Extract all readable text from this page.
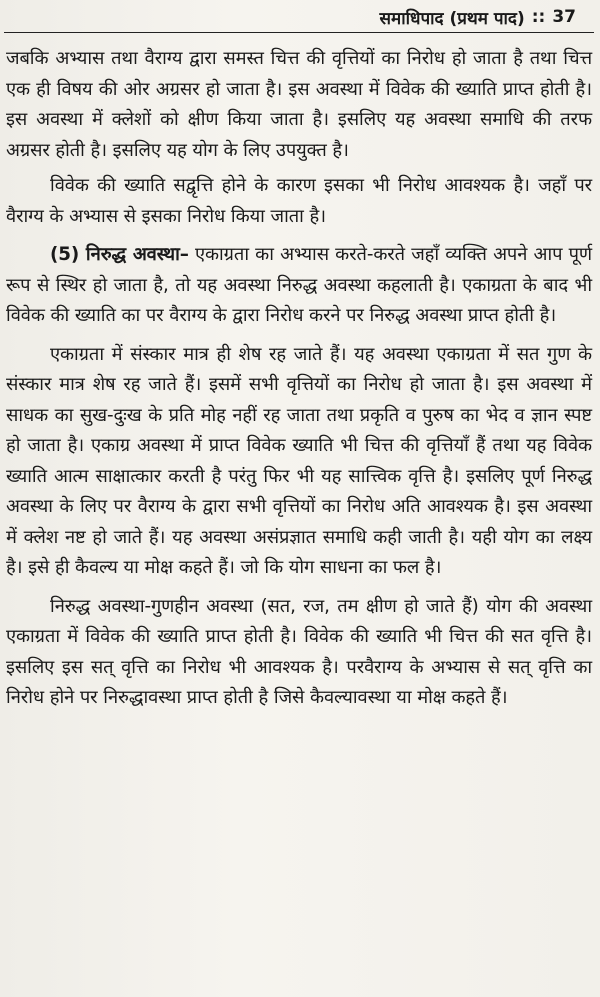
समाधिपाद (प्रथम पाद) :: 37

जबकि अभ्यास तथा वैराग्य द्वारा समस्त चित्त की वृत्तियों का निरोध हो जाता है तथा चित्त एक ही विषय की ओर अग्रसर हो जाता है। इस अवस्था में विवेक की ख्याति प्राप्त होती है। इस अवस्था में क्लेशों को क्षीण किया जाता है। इसलिए यह अवस्था समाधि की तरफ अग्रसर होती है। इसलिए यह योग के लिए उपयुक्त है।

विवेक की ख्याति सद्वृत्ति होने के कारण इसका भी निरोध आवश्यक है। जहाँ पर वैराग्य के अभ्यास से इसका निरोध किया जाता है।

(5) निरुद्ध अवस्था– एकाग्रता का अभ्यास करते-करते जहाँ व्यक्ति अपने आप पूर्ण रूप से स्थिर हो जाता है, तो यह अवस्था निरुद्ध अवस्था कहलाती है। एकाग्रता के बाद भी विवेक की ख्याति का पर वैराग्य के द्वारा निरोध करने पर निरुद्ध अवस्था प्राप्त होती है।

एकाग्रता में संस्कार मात्र ही शेष रह जाते हैं। यह अवस्था एकाग्रता में सत गुण के संस्कार मात्र शेष रह जाते हैं। इसमें सभी वृत्तियों का निरोध हो जाता है। इस अवस्था में साधक का सुख-दुःख के प्रति मोह नहीं रह जाता तथा प्रकृति व पुरुष का भेद व ज्ञान स्पष्ट हो जाता है। एकाग्र अवस्था में प्राप्त विवेक ख्याति भी चित्त की वृत्तियाँ हैं तथा यह विवेक ख्याति आत्म साक्षात्कार करती है परंतु फिर भी यह सात्त्विक वृत्ति है। इसलिए पूर्ण निरुद्ध अवस्था के लिए पर वैराग्य के द्वारा सभी वृत्तियों का निरोध अति आवश्यक है। इस अवस्था में क्लेश नष्ट हो जाते हैं। यह अवस्था असंप्रज्ञात समाधि कही जाती है। यही योग का लक्ष्य है। इसे ही कैवल्य या मोक्ष कहते हैं। जो कि योग साधना का फल है।

निरुद्ध अवस्था-गुणहीन अवस्था (सत, रज, तम क्षीण हो जाते हैं) योग की अवस्था एकाग्रता में विवेक की ख्याति प्राप्त होती है। विवेक की ख्याति भी चित्त की सत वृत्ति है। इसलिए इस सत् वृत्ति का निरोध भी आवश्यक है। परवैराग्य के अभ्यास से सत् वृत्ति का निरोध होने पर निरुद्धावस्था प्राप्त होती है जिसे कैवल्यावस्था या मोक्ष कहते हैं।
